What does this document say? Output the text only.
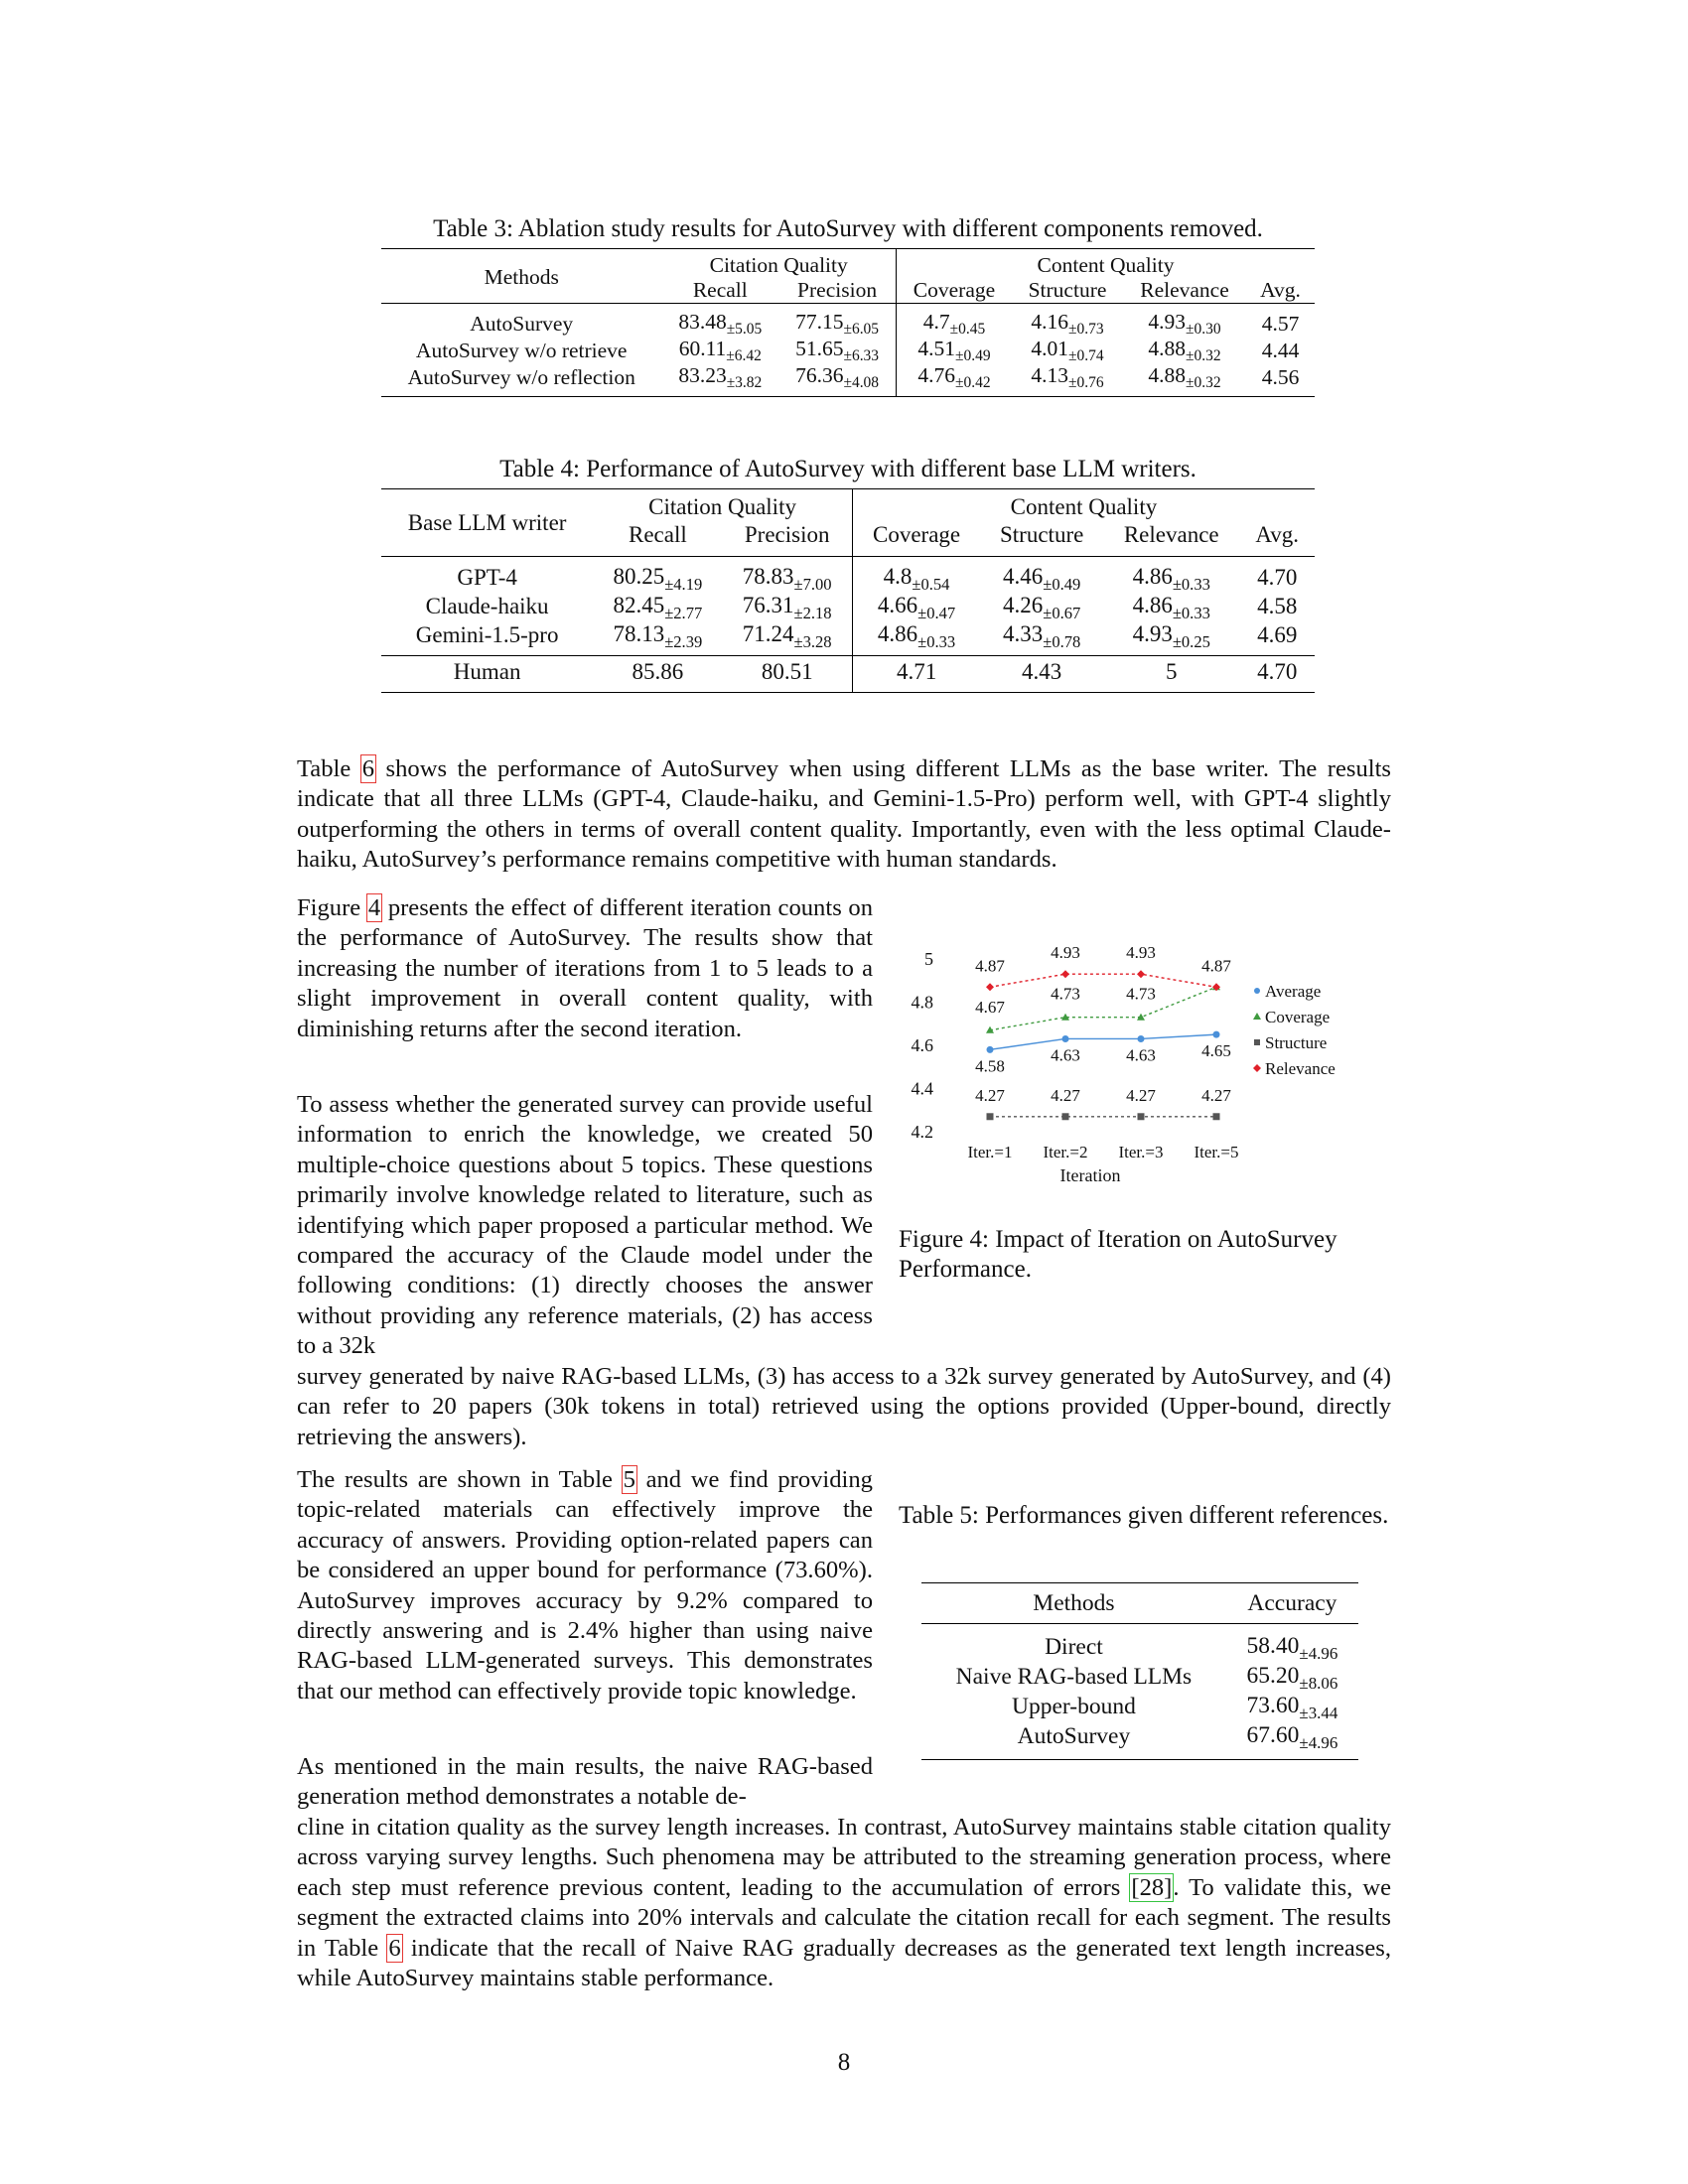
Table 3: Ablation study results for AutoSurvey with different components removed.
Methods	Citation Quality		Content Quality			
	Recall	Precision	Coverage	Structure	Relevance	Avg.
AutoSurvey	$83.48_{\pm 5.05}$	$77.15_{\pm 6.05}$	$4.7_{\pm 0.45}$	$4.16_{\pm 0.73}$	$4.93_{\pm 0.30}$	4.57
AutoSurvey w/o retrieve	$60.11_{\pm 6.42}$	$51.65_{\pm 6.33}$	$4.51_{\pm 0.49}$	$4.01_{\pm 0.74}$	$4.88_{\pm 0.32}$	4.44
AutoSurvey w/o reflection	$83.23_{\pm 3.82}$	$76.36_{\pm 4.08}$	$4.76_{\pm 0.42}$	$4.13_{\pm 0.76}$	$4.88_{\pm 0.32}$	4.56
Table 4: Performance of AutoSurvey with different base LLM writers.
Base LLM writer	Citation Quality		Content Quality			
	Recall	Precision	Coverage	Structure	Relevance	Avg.
GPT-4	$80.25_{\pm 4.19}$	$78.83_{\pm 7.00}$	$4.8_{\pm 0.54}$	$4.46_{\pm 0.49}$	$4.86_{\pm 0.33}$	4.70
Claude-haiku	$82.45_{\pm 2.77}$	$76.31_{\pm 2.18}$	$4.66_{\pm 0.47}$	$4.26_{\pm 0.67}$	$4.86_{\pm 0.33}$	4.58
Gemini-1.5-pro	$78.13_{\pm 2.39}$	$71.24_{\pm 3.28}$	$4.86_{\pm 0.33}$	$4.33_{\pm 0.78}$	$4.93_{\pm 0.25}$	4.69
Human	85.86	80.51	4.71	4.43	5	4.70

Table 6 shows the performance of AutoSurvey when using different LLMs as the base writer. The results indicate that all three LLMs (GPT-4, Claude-haiku, and Gemini-1.5-Pro) perform well, with GPT-4 slightly outperforming the others in terms of overall content quality. Importantly, even with the less optimal Claude-haiku, AutoSurvey’s performance remains competitive with human standards.

Figure 4 presents the effect of different iteration counts on the performance of AutoSurvey. The results show that increasing the number of iterations from 1 to 5 leads to a slight improvement in overall content quality, with diminishing returns after the second iteration.

To assess whether the generated survey can provide useful information to enrich the knowledge, we created 50 multiple-choice questions about 5 topics. These questions primarily involve knowledge related to literature, such as identifying which paper proposed a particular method. We compared the accuracy of the Claude model under the following conditions: (1) directly chooses the answer without providing any reference materials, (2) has access to a 32k

survey generated by naive RAG-based LLMs, (3) has access to a 32k survey generated by AutoSurvey, and (4) can refer to 20 papers (30k tokens in total) retrieved using the options provided (Upper-bound, directly retrieving the answers).

4.2
4.4
4.6
4.8
5
Iter.=1 Iter.=2 Iter.=3 Iter.=5
Iteration
4.58
4.63	4.63	4.65
4.67
4.73	4.73
4.27	4.27	4.27	4.27
4.87
4.93	4.93
4.87
Average
Coverage
Structure
Relevance
Figure 4: Impact of Iteration on AutoSurvey Performance.

The results are shown in Table 5 and we find providing topic-related materials can effectively improve the accuracy of answers. Providing option-related papers can be considered an upper bound for performance (73.60%). AutoSurvey improves accuracy by 9.2% compared to directly answering and is 2.4% higher than using naive RAG-based LLM-generated surveys. This demonstrates that our method can effectively provide topic knowledge.

Table 5: Performances given different references.
Methods	Accuracy
Direct	$58.40_{\pm 4.96}$
Naive RAG-based LLMs	$65.20_{\pm 8.06}$
Upper-bound	$73.60_{\pm 3.44}$
AutoSurvey	$67.60_{\pm 4.96}$

As mentioned in the main results, the naive RAG-based generation method demonstrates a notable de-

cline in citation quality as the survey length increases. In contrast, AutoSurvey maintains stable citation quality across varying survey lengths. Such phenomena may be attributed to the streaming generation process, where each step must reference previous content, leading to the accumulation of errors [28]. To validate this, we segment the extracted claims into 20% intervals and calculate the citation recall for each segment. The results in Table 6 indicate that the recall of Naive RAG gradually decreases as the generated text length increases, while AutoSurvey maintains stable performance.

8
